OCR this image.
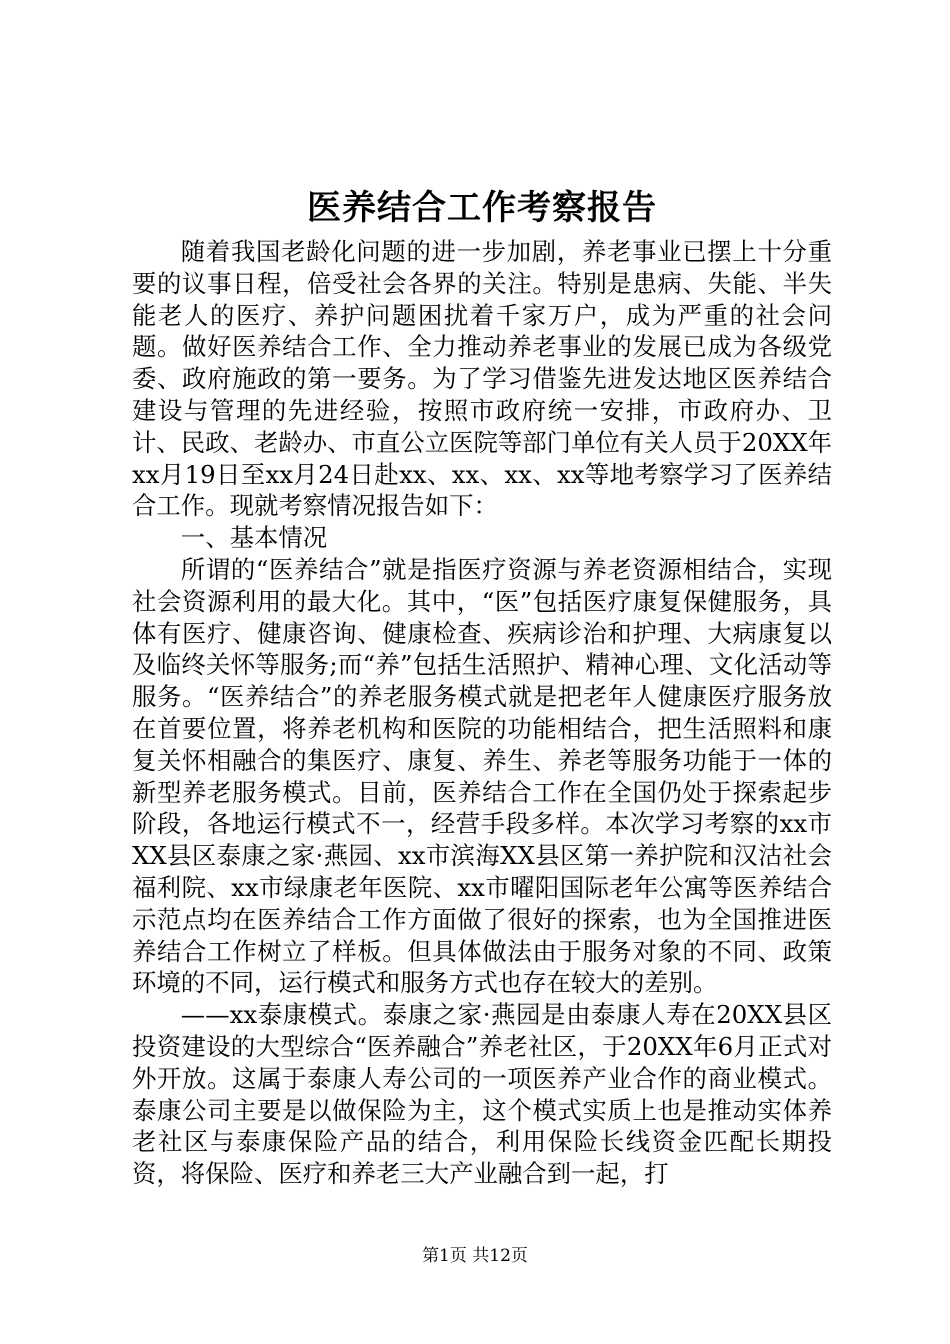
医养结合工作考察报告

随着我国老龄化问题的进一步加剧，养老事业已摆上十分重要的议事日程，倍受社会各界的关注。特别是患病、失能、半失能老人的医疗、养护问题困扰着千家万户，成为严重的社会问题。做好医养结合工作、全力推动养老事业的发展已成为各级党委、政府施政的第一要务。为了学习借鉴先进发达地区医养结合建设与管理的先进经验，按照市政府统一安排，市政府办、卫计、民政、老龄办、市直公立医院等部门单位有关人员于20XX年xx月19日至xx月24日赴xx、xx、xx、xx等地考察学习了医养结合工作。现就考察情况报告如下：

一、基本情况

所谓的“医养结合”就是指医疗资源与养老资源相结合，实现社会资源利用的最大化。其中，“医”包括医疗康复保健服务，具体有医疗、健康咨询、健康检查、疾病诊治和护理、大病康复以及临终关怀等服务;而“养”包括生活照护、精神心理、文化活动等服务。“医养结合”的养老服务模式就是把老年人健康医疗服务放在首要位置，将养老机构和医院的功能相结合，把生活照料和康复关怀相融合的集医疗、康复、养生、养老等服务功能于一体的新型养老服务模式。目前，医养结合工作在全国仍处于探索起步阶段，各地运行模式不一，经营手段多样。本次学习考察的xx市XX县区泰康之家·燕园、xx市滨海XX县区第一养护院和汉沽社会福利院、xx市绿康老年医院、xx市曜阳国际老年公寓等医养结合示范点均在医养结合工作方面做了很好的探索，也为全国推进医养结合工作树立了样板。但具体做法由于服务对象的不同、政策环境的不同，运行模式和服务方式也存在较大的差别。

——xx泰康模式。泰康之家·燕园是由泰康人寿在20XX县区投资建设的大型综合“医养融合”养老社区，于20XX年6月正式对外开放。这属于泰康人寿公司的一项医养产业合作的商业模式。泰康公司主要是以做保险为主，这个模式实质上也是推动实体养老社区与泰康保险产品的结合，利用保险长线资金匹配长期投资，将保险、医疗和养老三大产业融合到一起，打

第1页 共12页
